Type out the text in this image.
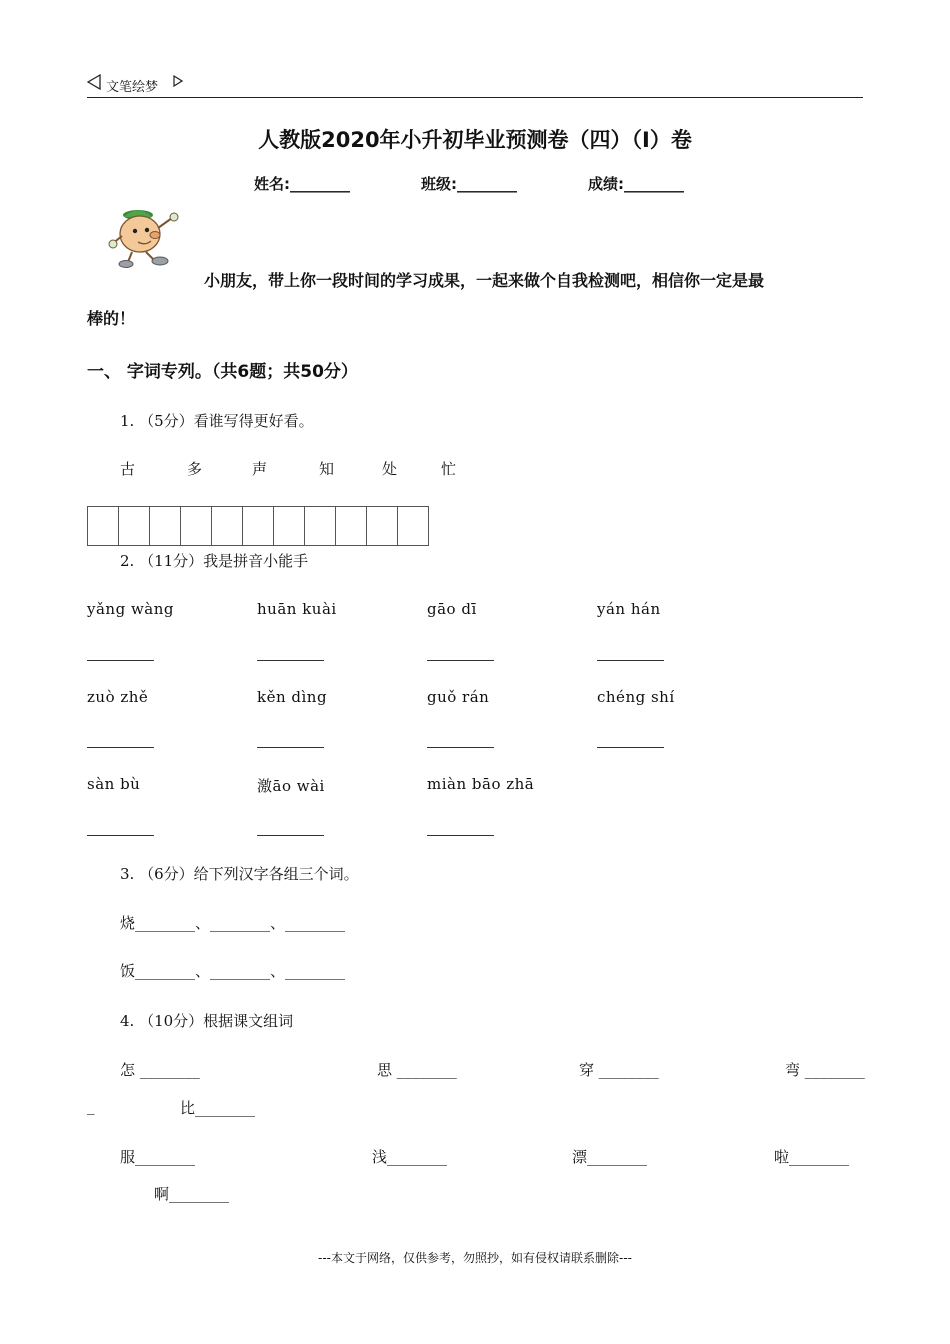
文笔绘梦
人教版2020年小升初毕业预测卷（四）（I）卷
姓名:________	班级:________	成绩:________
小朋友，带上你一段时间的学习成果，一起来做个自我检测吧，相信你一定是最
棒的！
一、 字词专列。（共6题；共50分）
1. （5分）看谁写得更好看。
古	多	声	知	处	忙
2. （11分）我是拼音小能手
yǎng wàng	huān kuài	gāo dī	yán hán
zuò zhě	kěn dìng	guǒ rán	chéng shí
sàn bù	激āo wài	miàn bāo zhā
3. （6分）给下列汉字各组三个词。
烧________、________、________
饭________、________、________
4. （10分）根据课文组词
怎 ________	思 ________	穿 ________	弯 ________
_	比________
服________	浅________	漂________	啦________
啊________
---本文于网络，仅供参考，勿照抄，如有侵权请联系删除---
